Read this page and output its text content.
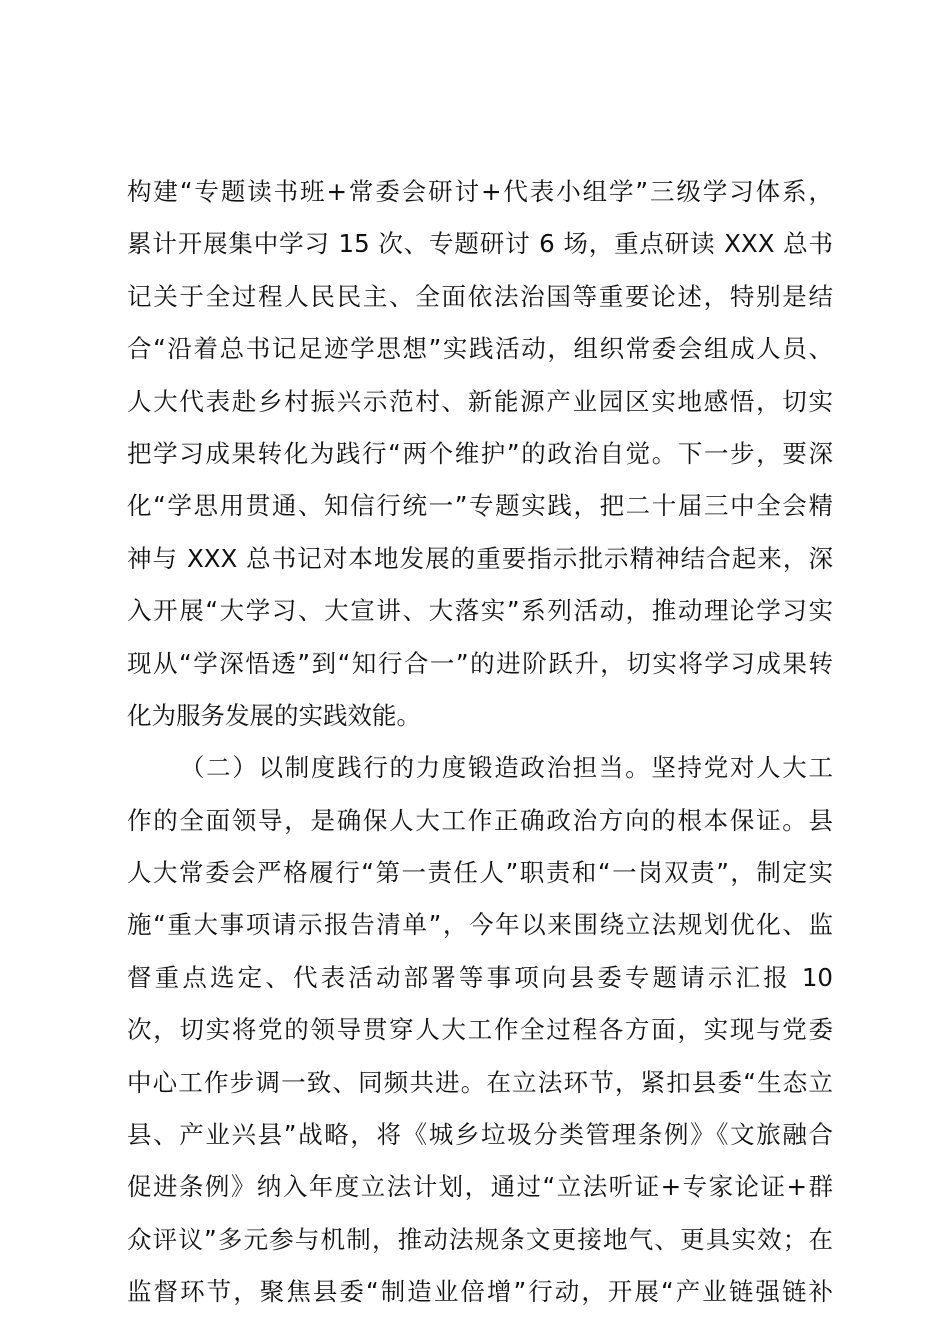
构建“专题读书班+常委会研讨+代表小组学”三级学习体系，
累计开展集中学习 15 次、专题研讨 6 场，重点研读 XXX 总书
记关于全过程人民民主、全面依法治国等重要论述，特别是结
合“沿着总书记足迹学思想”实践活动，组织常委会组成人员、
人大代表赴乡村振兴示范村、新能源产业园区实地感悟，切实
把学习成果转化为践行“两个维护”的政治自觉。下一步，要深
化“学思用贯通、知信行统一”专题实践，把二十届三中全会精
神与 XXX 总书记对本地发展的重要指示批示精神结合起来，深
入开展“大学习、大宣讲、大落实”系列活动，推动理论学习实
现从“学深悟透”到“知行合一”的进阶跃升，切实将学习成果转
化为服务发展的实践效能。
（二）以制度践行的力度锻造政治担当。坚持党对人大工
作的全面领导，是确保人大工作正确政治方向的根本保证。县
人大常委会严格履行“第一责任人”职责和“一岗双责”，制定实
施“重大事项请示报告清单”，今年以来围绕立法规划优化、监
督重点选定、代表活动部署等事项向县委专题请示汇报 10
次，切实将党的领导贯穿人大工作全过程各方面，实现与党委
中心工作步调一致、同频共进。在立法环节，紧扣县委“生态立
县、产业兴县”战略，将《城乡垃圾分类管理条例》《文旅融合
促进条例》纳入年度立法计划，通过“立法听证+专家论证+群
众评议”多元参与机制，推动法规条文更接地气、更具实效；在
监督环节，聚焦县委“制造业倍增”行动，开展“产业链强链补
